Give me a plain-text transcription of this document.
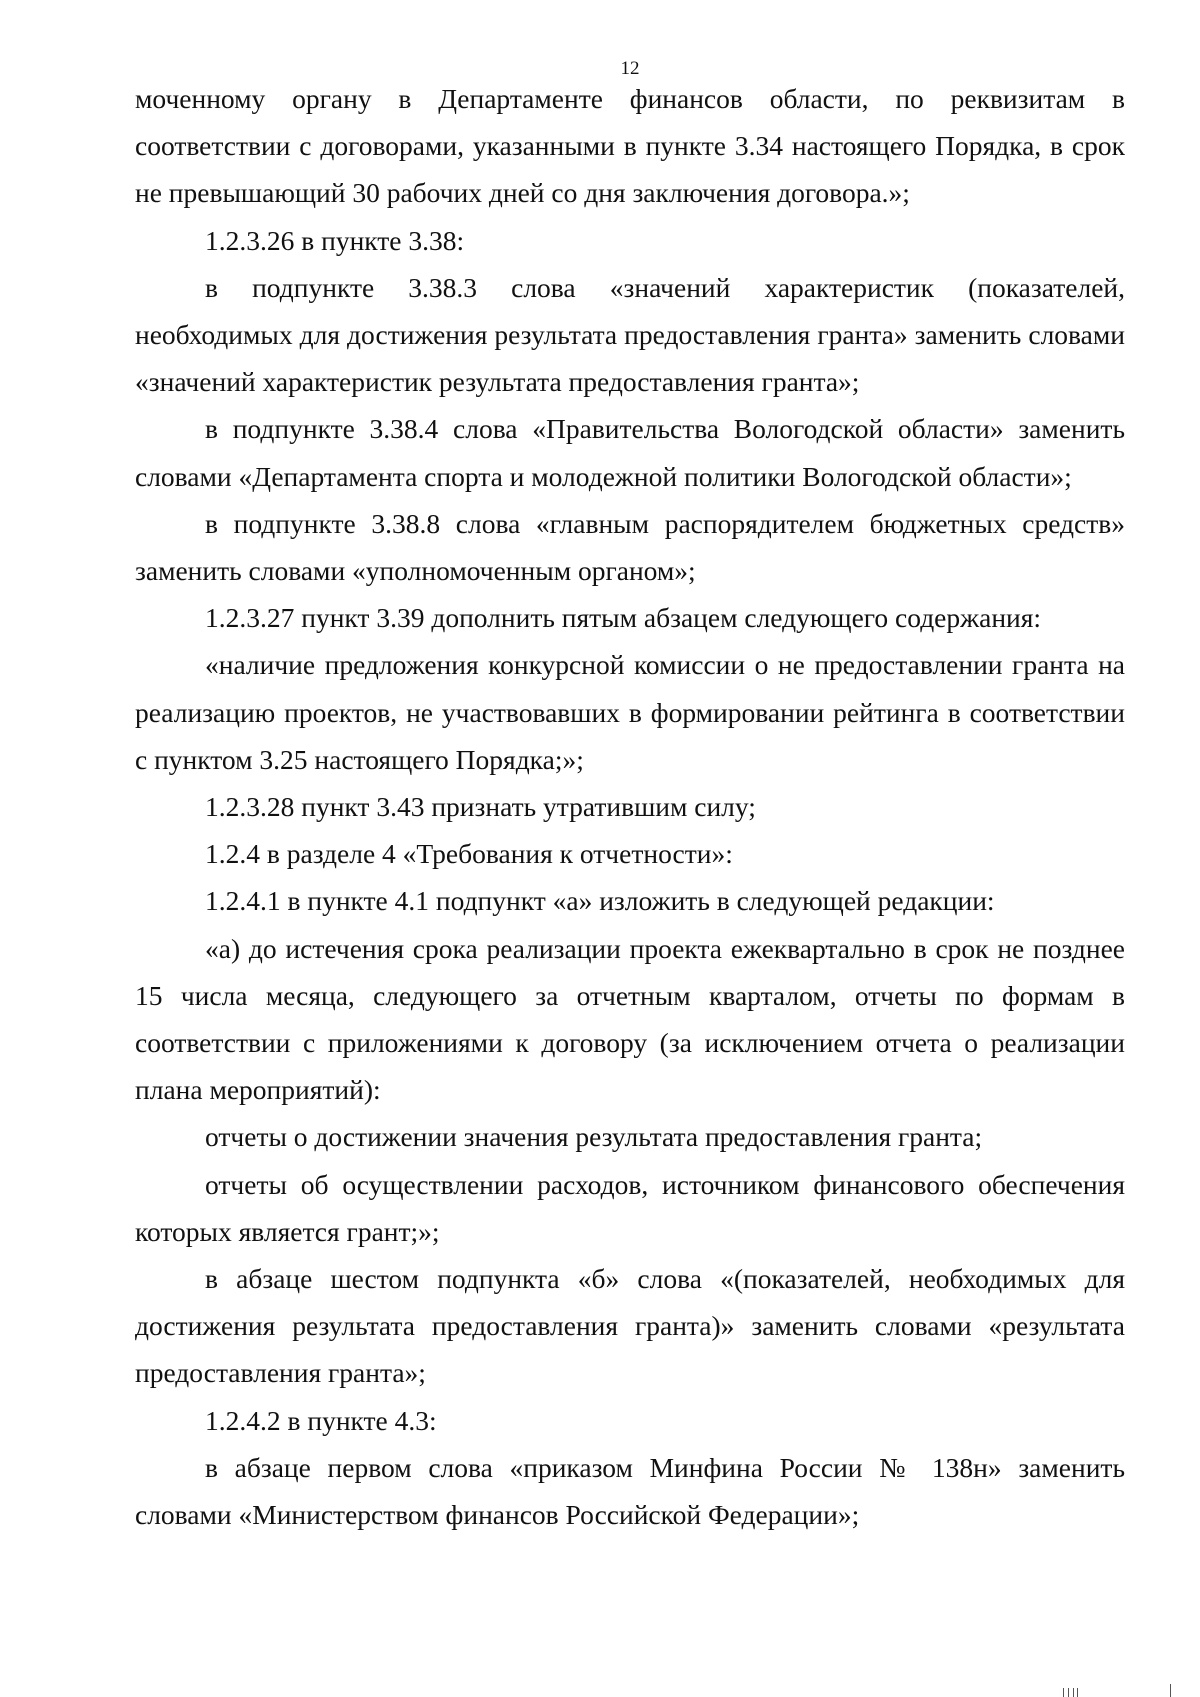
12

моченному органу в Департаменте финансов области, по реквизитам в соответствии с договорами, указанными в пункте 3.34 настоящего Порядка, в срок не превышающий 30 рабочих дней со дня заключения договора.»;

1.2.3.26 в пункте 3.38:

в подпункте 3.38.3 слова «значений характеристик (показателей, необходимых для достижения результата предоставления гранта» заменить словами «значений характеристик результата предоставления гранта»;

в подпункте 3.38.4 слова «Правительства Вологодской области» заменить словами «Департамента спорта и молодежной политики Вологодской области»;

в подпункте 3.38.8 слова «главным распорядителем бюджетных средств» заменить словами «уполномоченным органом»;

1.2.3.27 пункт 3.39 дополнить пятым абзацем следующего содержания:

«наличие предложения конкурсной комиссии о не предоставлении гранта на реализацию проектов, не участвовавших в формировании рейтинга в соответствии с пунктом 3.25 настоящего Порядка;»;

1.2.3.28 пункт 3.43 признать утратившим силу;

1.2.4 в разделе 4 «Требования к отчетности»:

1.2.4.1 в пункте 4.1 подпункт «а» изложить в следующей редакции:

«а) до истечения срока реализации проекта ежеквартально в срок не позднее 15 числа месяца, следующего за отчетным кварталом, отчеты по формам в соответствии с приложениями к договору (за исключением отчета о реализации плана мероприятий):

отчеты о достижении значения результата предоставления гранта;

отчеты об осуществлении расходов, источником финансового обеспечения которых является грант;»;

в абзаце шестом подпункта «б» слова «(показателей, необходимых для достижения результата предоставления гранта)» заменить словами «результата предоставления гранта»;

1.2.4.2 в пункте 4.3:

в абзаце первом слова «приказом Минфина России № 138н» заменить словами «Министерством финансов Российской Федерации»;
